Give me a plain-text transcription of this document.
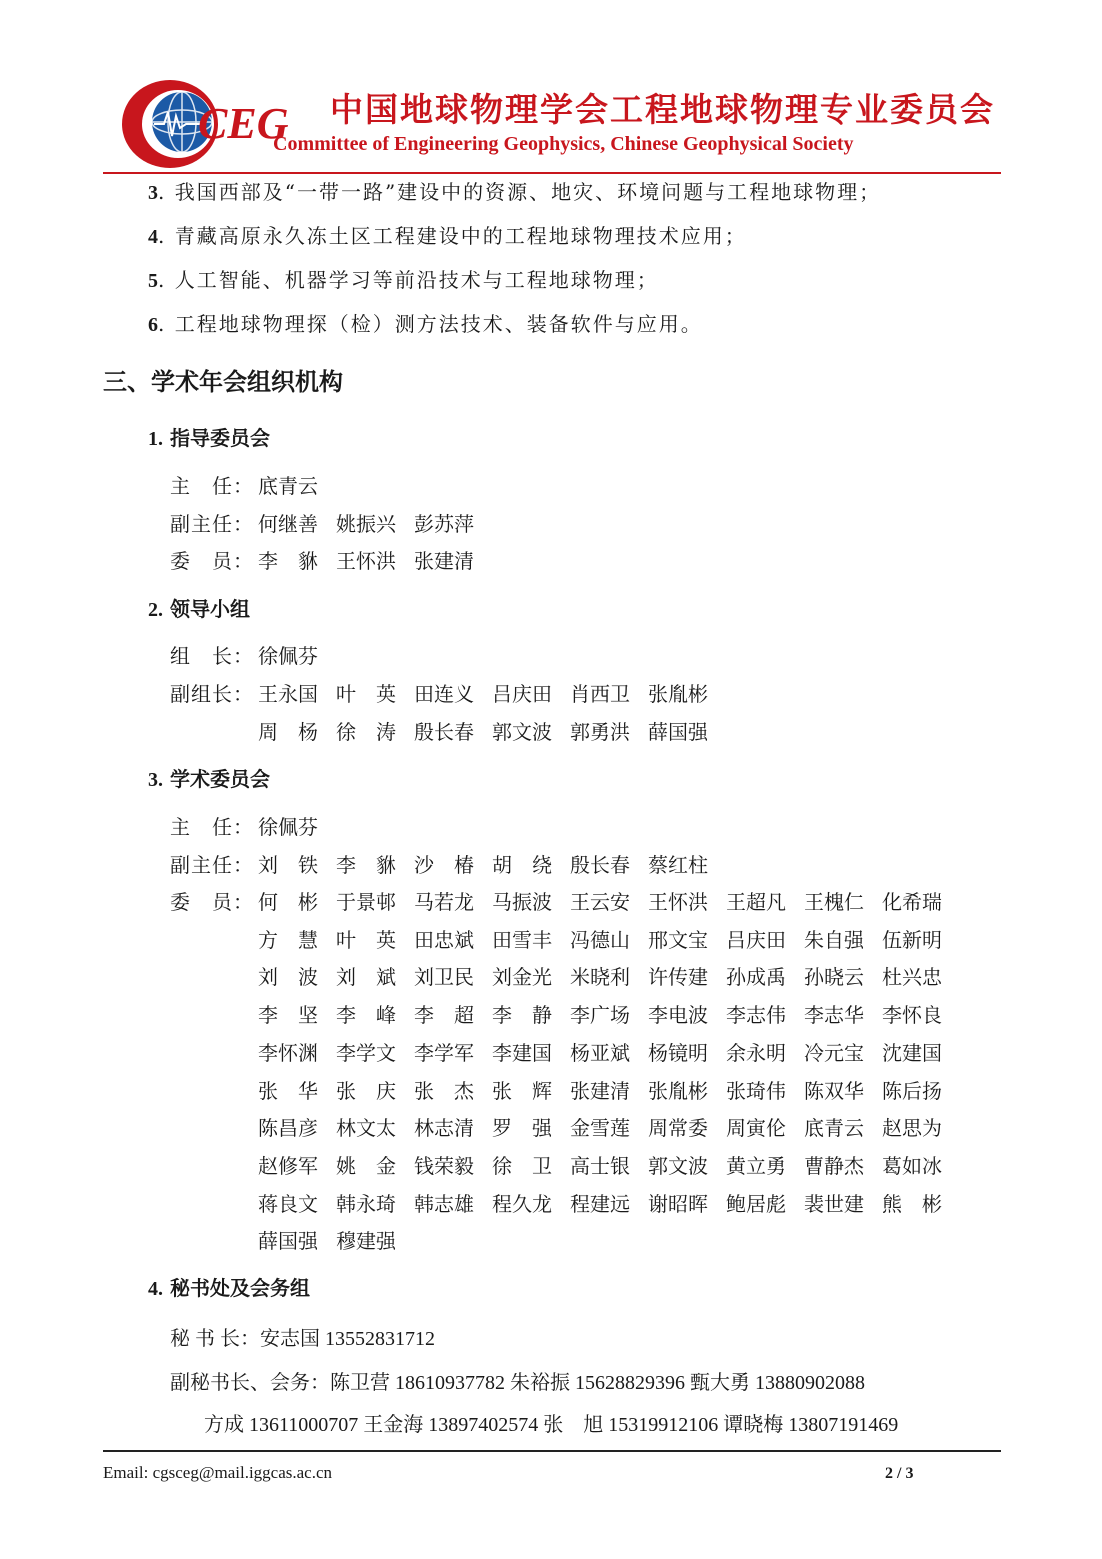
CEG 中国地球物理学会工程地球物理专业委员会
Committee of Engineering Geophysics, Chinese Geophysical Society
3. 我国西部及“一带一路”建设中的资源、地灾、环境问题与工程地球物理；
4. 青藏高原永久冻土区工程建设中的工程地球物理技术应用；
5. 人工智能、机器学习等前沿技术与工程地球物理；
6. 工程地球物理探（检）测方法技术、装备软件与应用。
三、学术年会组织机构
1. 指导委员会
主　任： 底青云
副主任： 何继善 姚振兴 彭苏萍
委　员： 李　貅 王怀洪 张建清
2. 领导小组
组　长： 徐佩芬
副组长： 王永国 叶　英 田连义 吕庆田 肖西卫 张胤彬
周　杨 徐　涛 殷长春 郭文波 郭勇洪 薛国强
3. 学术委员会
主　任： 徐佩芬
副主任： 刘　铁 李　貅 沙　椿 胡　绕 殷长春 蔡红柱
委　员： 何　彬 于景邨 马若龙 马振波 王云安 王怀洪 王超凡 王槐仁 化希瑞
方　慧 叶　英 田忠斌 田雪丰 冯德山 邢文宝 吕庆田 朱自强 伍新明
刘　波 刘　斌 刘卫民 刘金光 米晓利 许传建 孙成禹 孙晓云 杜兴忠
李　坚 李　峰 李　超 李　静 李广场 李电波 李志伟 李志华 李怀良
李怀渊 李学文 李学军 李建国 杨亚斌 杨镜明 余永明 冷元宝 沈建国
张　华 张　庆 张　杰 张　辉 张建清 张胤彬 张琦伟 陈双华 陈后扬
陈昌彦 林文太 林志清 罗　强 金雪莲 周常委 周寅伦 底青云 赵思为
赵修军 姚　金 钱荣毅 徐　卫 高士银 郭文波 黄立勇 曹静杰 葛如冰
蒋良文 韩永琦 韩志雄 程久龙 程建远 谢昭晖 鲍居彪 裴世建 熊　彬
薛国强 穆建强
4. 秘书处及会务组
秘 书 长：安志国 13552831712
副秘书长、会务：陈卫营 18610937782 朱裕振 15628829396 甄大勇 13880902088
方成 13611000707 王金海 13897402574 张　旭 15319912106 谭晓梅 13807191469
Email: cgsceg@mail.iggcas.ac.cn	2 / 3
